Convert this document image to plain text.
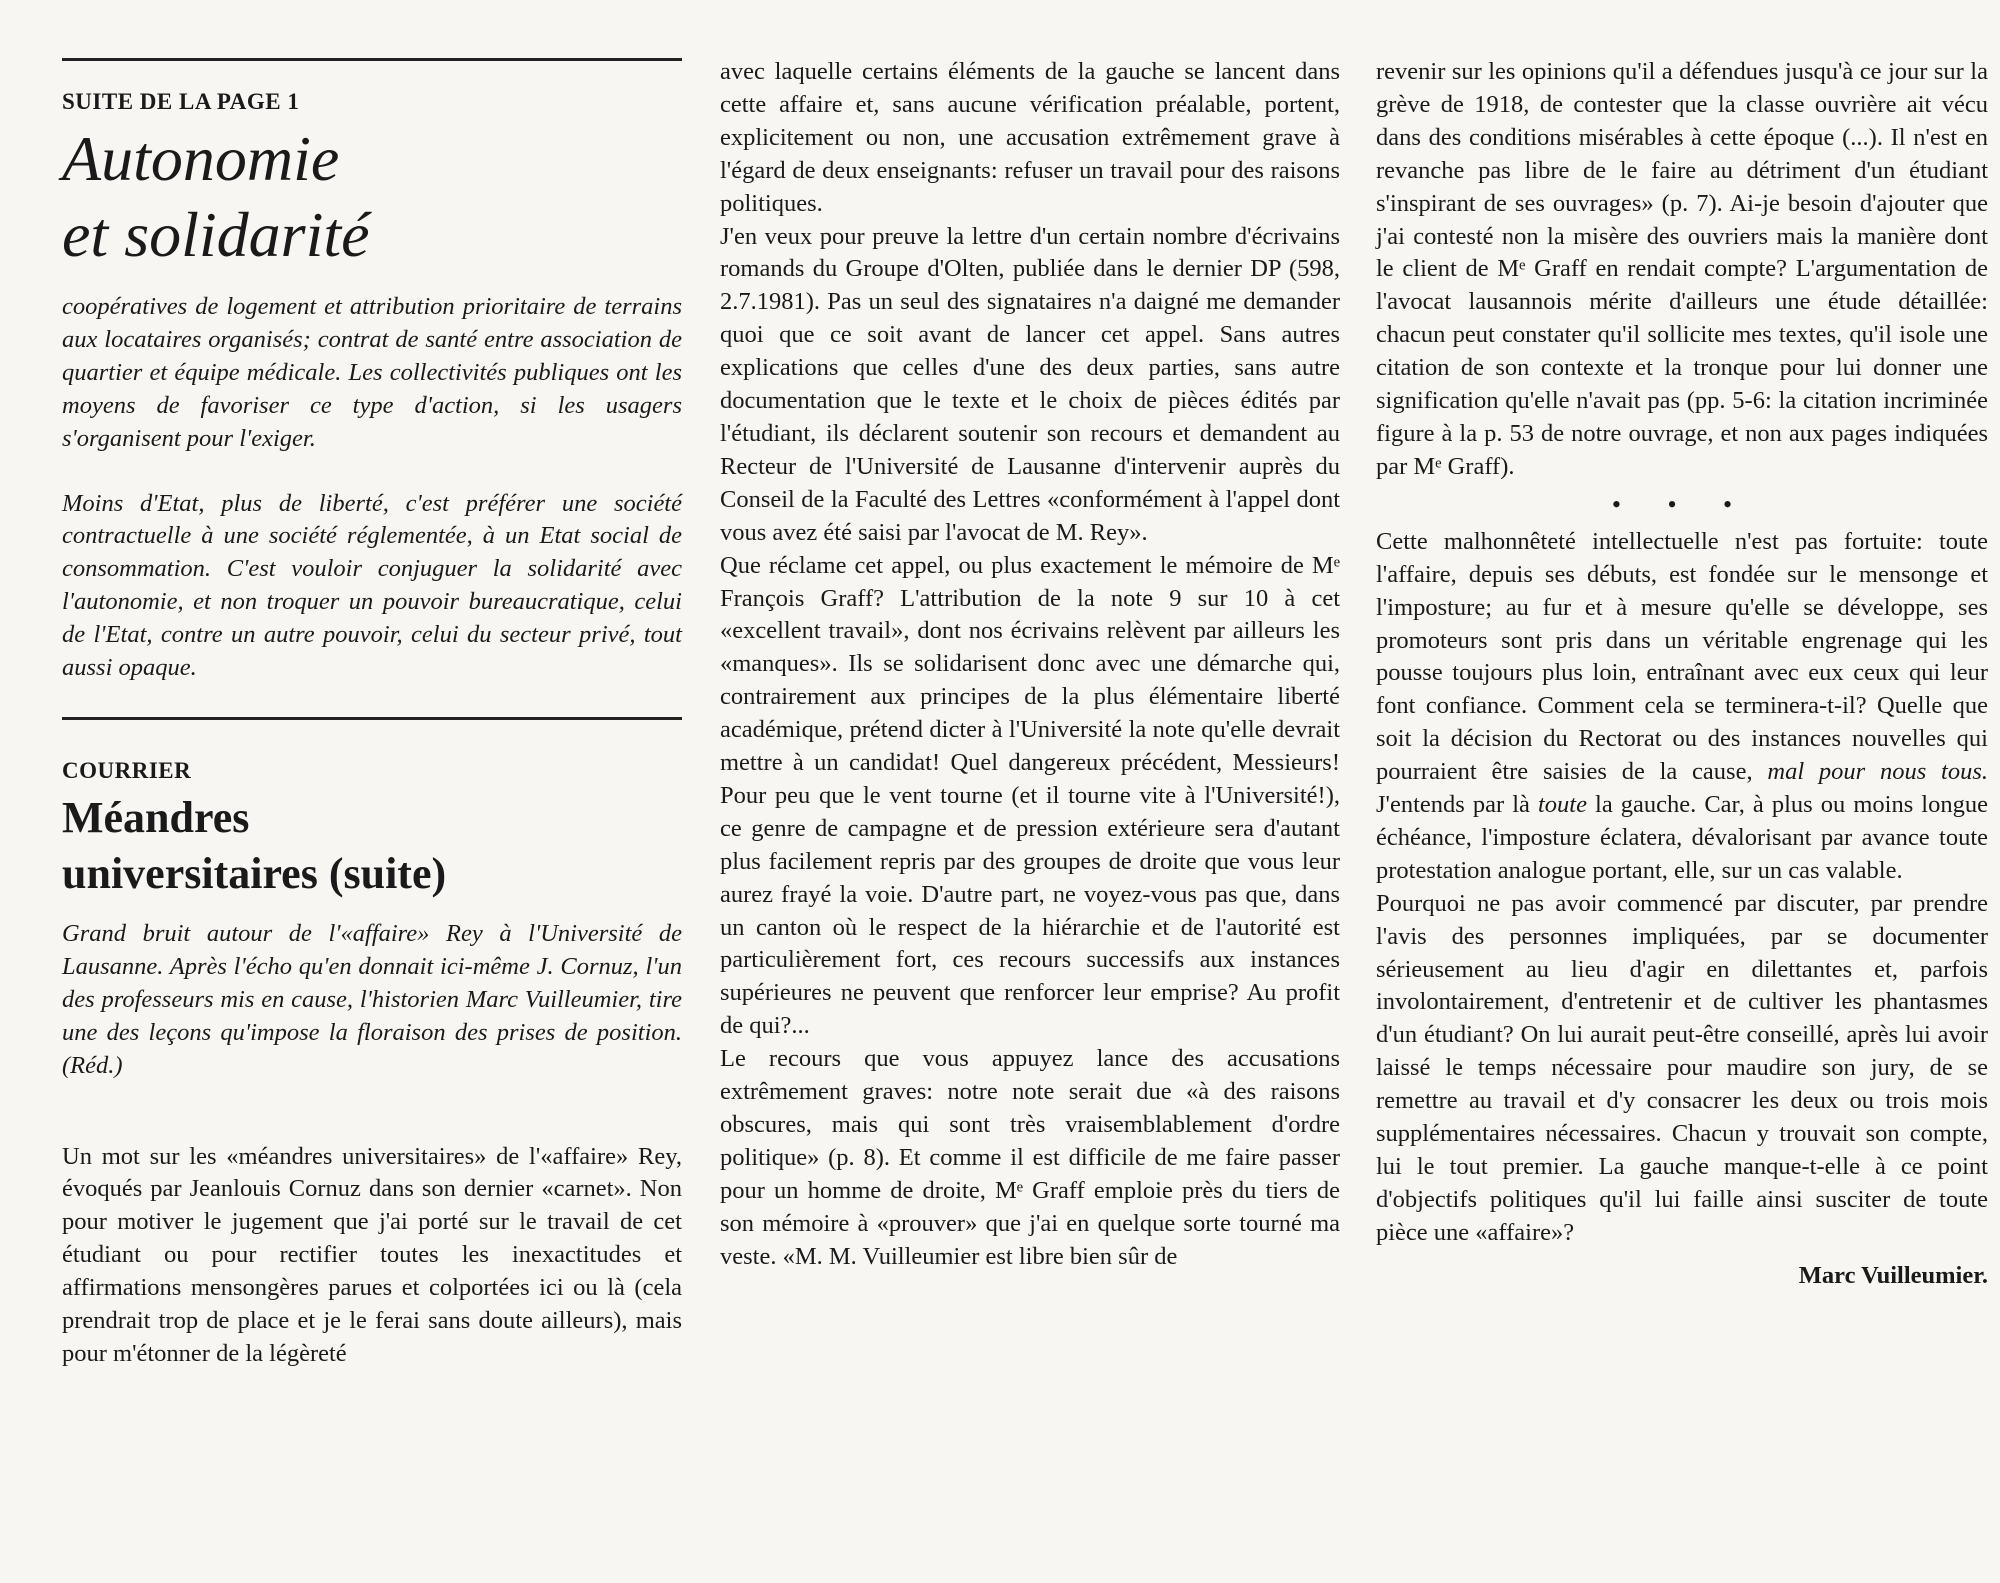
SUITE DE LA PAGE 1

Autonomie
et solidarité

coopératives de logement et attribution prioritaire de terrains aux locataires organisés; contrat de santé entre association de quartier et équipe médicale. Les collectivités publiques ont les moyens de favoriser ce type d'action, si les usagers s'organisent pour l'exiger.

Moins d'Etat, plus de liberté, c'est préférer une société contractuelle à une société réglementée, à un Etat social de consommation. C'est vouloir conjuguer la solidarité avec l'autonomie, et non troquer un pouvoir bureaucratique, celui de l'Etat, contre un autre pouvoir, celui du secteur privé, tout aussi opaque.

COURRIER

Méandres
universitaires (suite)

Grand bruit autour de l'«affaire» Rey à l'Université de Lausanne. Après l'écho qu'en donnait ici-même J. Cornuz, l'un des professeurs mis en cause, l'historien Marc Vuilleumier, tire une des leçons qu'impose la floraison des prises de position. (Réd.)

Un mot sur les «méandres universitaires» de l'«affaire» Rey, évoqués par Jeanlouis Cornuz dans son dernier «carnet». Non pour motiver le jugement que j'ai porté sur le travail de cet étudiant ou pour rectifier toutes les inexactitudes et affirmations mensongères parues et colportées ici ou là (cela prendrait trop de place et je le ferai sans doute ailleurs), mais pour m'étonner de la légèreté

avec laquelle certains éléments de la gauche se lancent dans cette affaire et, sans aucune vérification préalable, portent, explicitement ou non, une accusation extrêmement grave à l'égard de deux enseignants: refuser un travail pour des raisons politiques.

J'en veux pour preuve la lettre d'un certain nombre d'écrivains romands du Groupe d'Olten, publiée dans le dernier DP (598, 2.7.1981). Pas un seul des signataires n'a daigné me demander quoi que ce soit avant de lancer cet appel. Sans autres explications que celles d'une des deux parties, sans autre documentation que le texte et le choix de pièces édités par l'étudiant, ils déclarent soutenir son recours et demandent au Recteur de l'Université de Lausanne d'intervenir auprès du Conseil de la Faculté des Lettres «conformément à l'appel dont vous avez été saisi par l'avocat de M. Rey».

Que réclame cet appel, ou plus exactement le mémoire de Mᵉ François Graff? L'attribution de la note 9 sur 10 à cet «excellent travail», dont nos écrivains relèvent par ailleurs les «manques». Ils se solidarisent donc avec une démarche qui, contrairement aux principes de la plus élémentaire liberté académique, prétend dicter à l'Université la note qu'elle devrait mettre à un candidat! Quel dangereux précédent, Messieurs! Pour peu que le vent tourne (et il tourne vite à l'Université!), ce genre de campagne et de pression extérieure sera d'autant plus facilement repris par des groupes de droite que vous leur aurez frayé la voie. D'autre part, ne voyez-vous pas que, dans un canton où le respect de la hiérarchie et de l'autorité est particulièrement fort, ces recours successifs aux instances supérieures ne peuvent que renforcer leur emprise? Au profit de qui?...

Le recours que vous appuyez lance des accusations extrêmement graves: notre note serait due «à des raisons obscures, mais qui sont très vraisemblablement d'ordre politique» (p. 8). Et comme il est difficile de me faire passer pour un homme de droite, Mᵉ Graff emploie près du tiers de son mémoire à «prouver» que j'ai en quelque sorte tourné ma veste. «M. M. Vuilleumier est libre bien sûr de

revenir sur les opinions qu'il a défendues jusqu'à ce jour sur la grève de 1918, de contester que la classe ouvrière ait vécu dans des conditions misérables à cette époque (...). Il n'est en revanche pas libre de le faire au détriment d'un étudiant s'inspirant de ses ouvrages» (p. 7). Ai-je besoin d'ajouter que j'ai contesté non la misère des ouvriers mais la manière dont le client de Mᵉ Graff en rendait compte? L'argumentation de l'avocat lausannois mérite d'ailleurs une étude détaillée: chacun peut constater qu'il sollicite mes textes, qu'il isole une citation de son contexte et la tronque pour lui donner une signification qu'elle n'avait pas (pp. 5-6: la citation incriminée figure à la p. 53 de notre ouvrage, et non aux pages indiquées par Mᵉ Graff).

• • •

Cette malhonnêteté intellectuelle n'est pas fortuite: toute l'affaire, depuis ses débuts, est fondée sur le mensonge et l'imposture; au fur et à mesure qu'elle se développe, ses promoteurs sont pris dans un véritable engrenage qui les pousse toujours plus loin, entraînant avec eux ceux qui leur font confiance. Comment cela se terminera-t-il? Quelle que soit la décision du Rectorat ou des instances nouvelles qui pourraient être saisies de la cause, mal pour nous tous. J'entends par là toute la gauche. Car, à plus ou moins longue échéance, l'imposture éclatera, dévalorisant par avance toute protestation analogue portant, elle, sur un cas valable.

Pourquoi ne pas avoir commencé par discuter, par prendre l'avis des personnes impliquées, par se documenter sérieusement au lieu d'agir en dilettantes et, parfois involontairement, d'entretenir et de cultiver les phantasmes d'un étudiant? On lui aurait peut-être conseillé, après lui avoir laissé le temps nécessaire pour maudire son jury, de se remettre au travail et d'y consacrer les deux ou trois mois supplémentaires nécessaires. Chacun y trouvait son compte, lui le tout premier. La gauche manque-t-elle à ce point d'objectifs politiques qu'il lui faille ainsi susciter de toute pièce une «affaire»?

Marc Vuilleumier.
